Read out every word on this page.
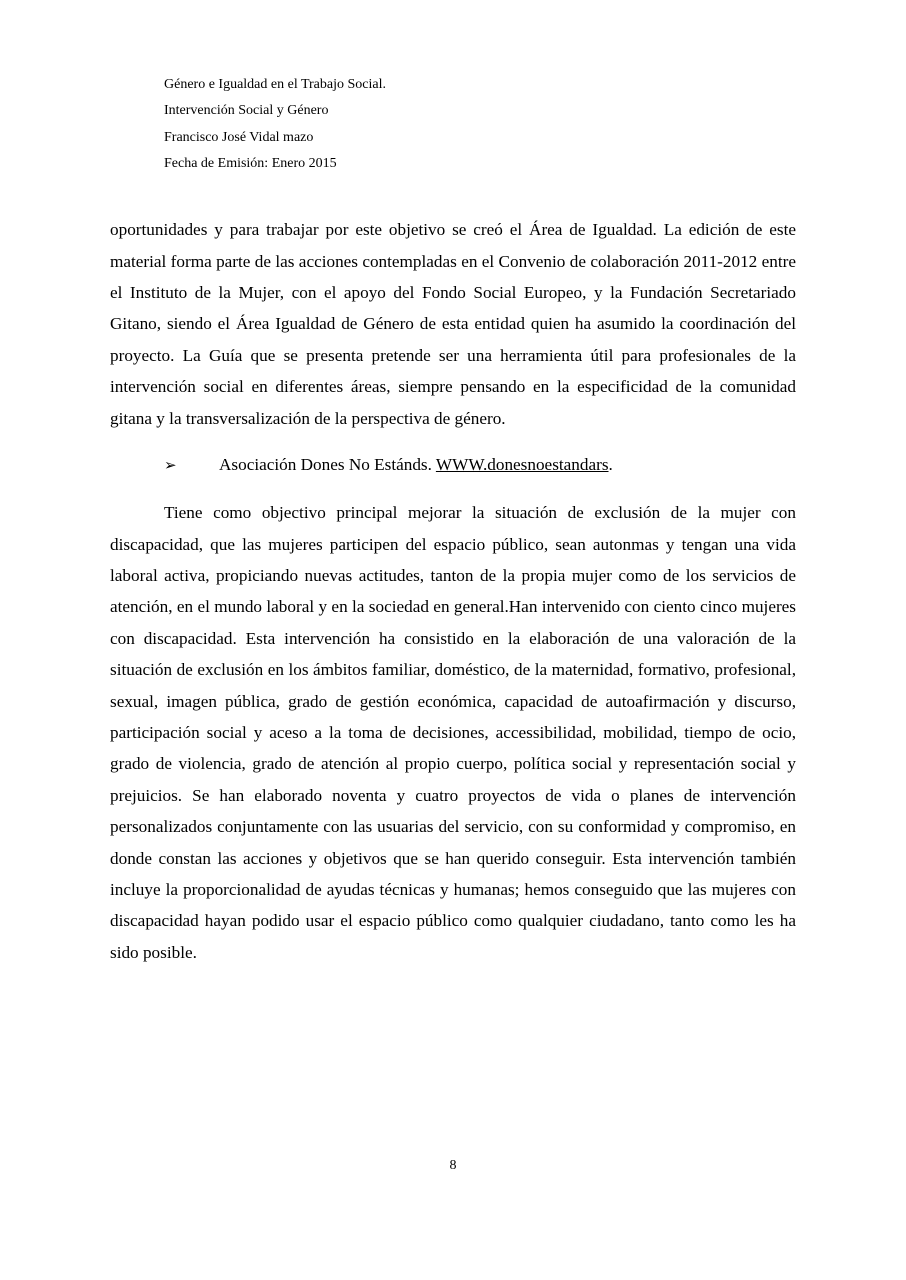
Género e Igualdad en el Trabajo Social.
Intervención Social y Género
Francisco José Vidal mazo
Fecha de Emisión: Enero 2015

oportunidades y para trabajar por este objetivo se creó el Área de Igualdad. La edición de este material forma parte de las acciones contempladas en el Convenio de colaboración 2011-2012 entre el Instituto de la Mujer, con el apoyo del Fondo Social Europeo, y la Fundación Secretariado Gitano, siendo el Área Igualdad de Género de esta entidad quien ha asumido la coordinación del proyecto. La Guía que se presenta pretende ser una herramienta útil para profesionales de la intervención social en diferentes áreas, siempre pensando en la especificidad de la comunidad gitana y la transversalización de la perspectiva de género.

➢ Asociación Dones No Estánds. WWW.donesnoestandars.

Tiene como objectivo principal mejorar la situación de exclusión de la mujer con discapacidad, que las mujeres participen del espacio público, sean autonmas y tengan una vida laboral activa, propiciando nuevas actitudes, tanton de la propia mujer como de los servicios de atención, en el mundo laboral y en la sociedad en general.Han intervenido con ciento cinco mujeres con discapacidad. Esta intervención ha consistido en la elaboración de una valoración de la situación de exclusión en los ámbitos familiar, doméstico, de la maternidad, formativo, profesional, sexual, imagen pública, grado de gestión económica, capacidad de autoafirmación y discurso, participación social y aceso a la toma de decisiones, accessibilidad, mobilidad, tiempo de ocio, grado de violencia, grado de atención al propio cuerpo, política social y representación social y prejuicios. Se han elaborado noventa y cuatro proyectos de vida o planes de intervención personalizados conjuntamente con las usuarias del servicio, con su conformidad y compromiso, en donde constan las acciones y objetivos que se han querido conseguir. Esta intervención también incluye la proporcionalidad de ayudas técnicas y humanas; hemos conseguido que las mujeres con discapacidad hayan podido usar el espacio público como qualquier ciudadano, tanto como les ha sido posible.

8
